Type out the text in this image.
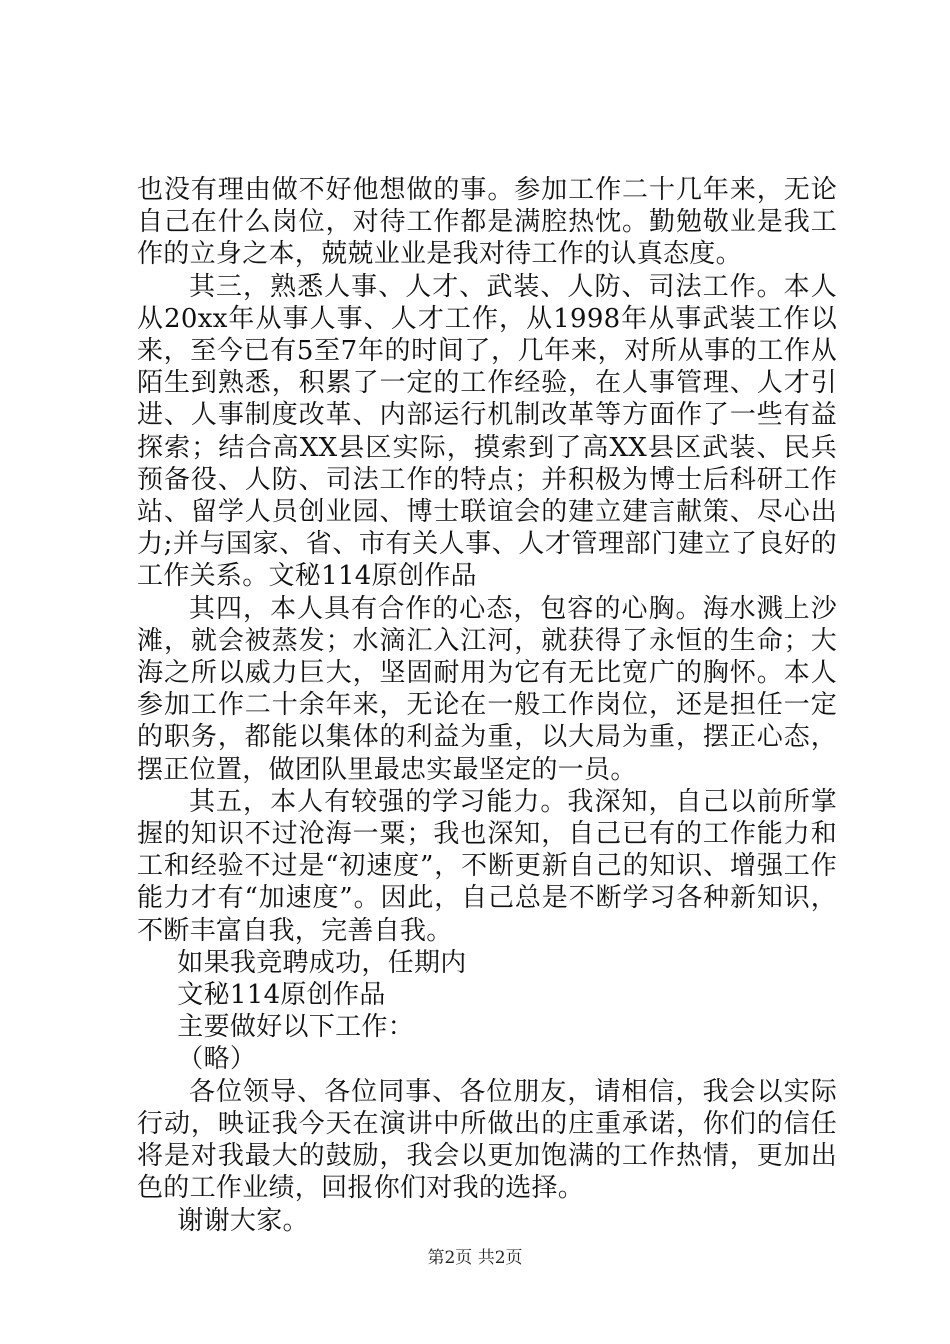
也没有理由做不好他想做的事。参加工作二十几年来，无论自己在什么岗位，对待工作都是满腔热忱。勤勉敬业是我工作的立身之本，兢兢业业是我对待工作的认真态度。

其三，熟悉人事、人才、武装、人防、司法工作。本人从20xx年从事人事、人才工作，从1998年从事武装工作以来，至今已有5至7年的时间了，几年来，对所从事的工作从陌生到熟悉，积累了一定的工作经验，在人事管理、人才引进、人事制度改革、内部运行机制改革等方面作了一些有益探索；结合高XX县区实际，摸索到了高XX县区武装、民兵预备役、人防、司法工作的特点；并积极为博士后科研工作站、留学人员创业园、博士联谊会的建立建言献策、尽心出力;并与国家、省、市有关人事、人才管理部门建立了良好的工作关系。文秘114原创作品

其四，本人具有合作的心态，包容的心胸。海水溅上沙滩，就会被蒸发；水滴汇入江河，就获得了永恒的生命；大海之所以威力巨大，坚固耐用为它有无比宽广的胸怀。本人参加工作二十余年来，无论在一般工作岗位，还是担任一定的职务，都能以集体的利益为重，以大局为重，摆正心态，摆正位置，做团队里最忠实最坚定的一员。

其五，本人有较强的学习能力。我深知，自己以前所掌握的知识不过沧海一粟；我也深知，自己已有的工作能力和工和经验不过是“初速度”，不断更新自己的知识、增强工作能力才有“加速度”。因此，自己总是不断学习各种新知识，不断丰富自我，完善自我。

如果我竞聘成功，任期内

文秘114原创作品

主要做好以下工作：

（略）

各位领导、各位同事、各位朋友，请相信，我会以实际行动，映证我今天在演讲中所做出的庄重承诺，你们的信任将是对我最大的鼓励，我会以更加饱满的工作热情，更加出色的工作业绩，回报你们对我的选择。

谢谢大家。

第2页 共2页
